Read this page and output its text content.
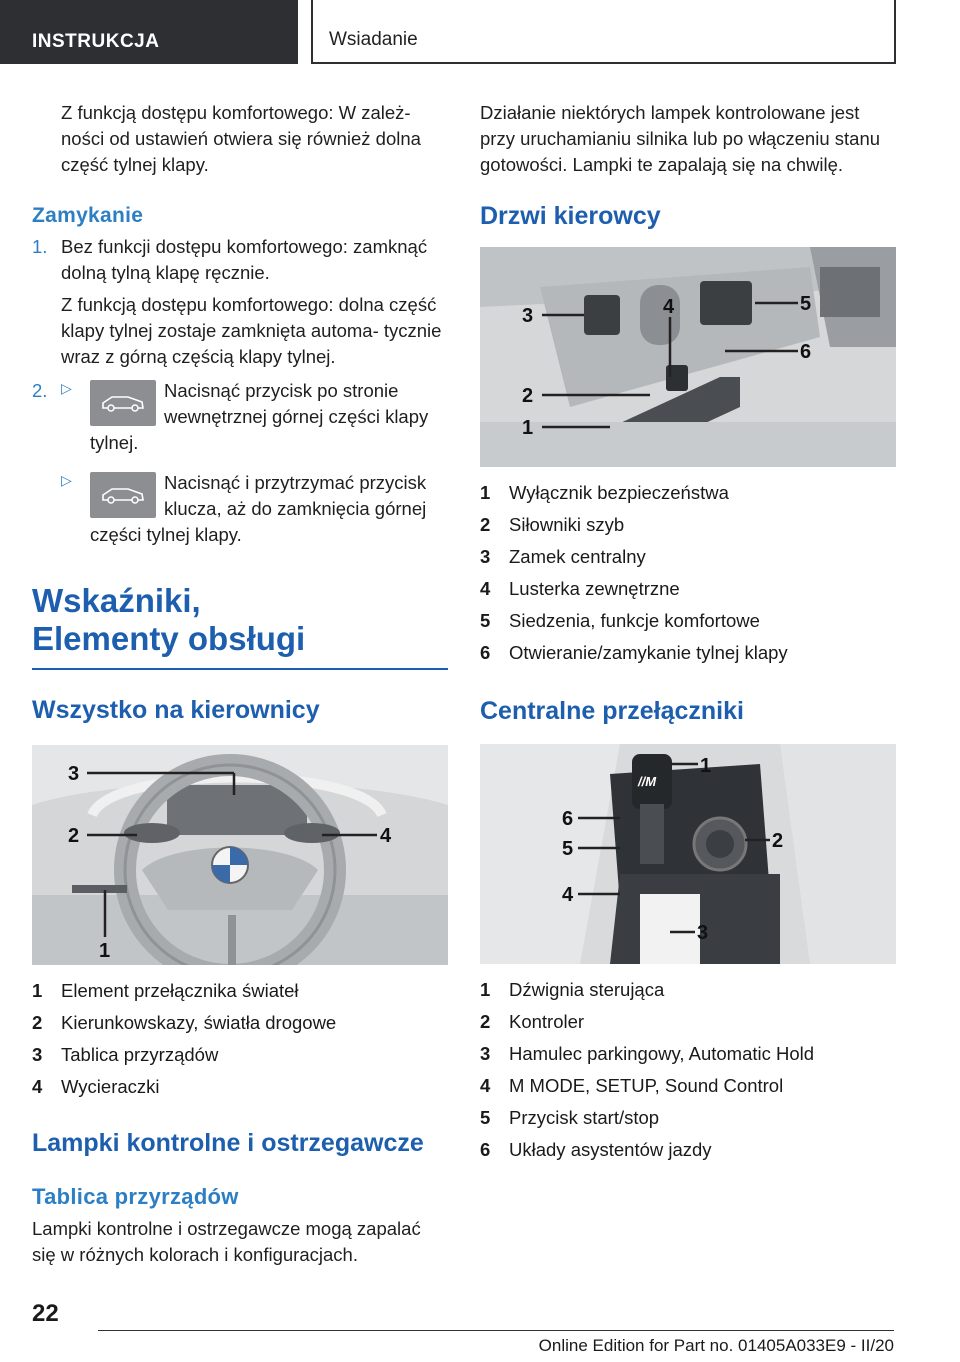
INSTRUKCJA	Wsiadanie

Z funkcją dostępu komfortowego: W zależ- ności od ustawień otwiera się również dolna część tylnej klapy.

Zamykanie
1. Bez funkcji dostępu komfortowego: zamknąć dolną tylną klapę ręcznie.

Z funkcją dostępu komfortowego: dolna część klapy tylnej zostaje zamknięta automa- tycznie wraz z górną częścią klapy tylnej.

2. ▷	Nacisnąć przycisk po stronie wewnętrznej górnej części klapy tylnej.

▷	Nacisnąć i przytrzymać przycisk klucza, aż do zamknięcia górnej części tylnej klapy.

Wskaźniki, Elementy obsługi
Wszystko na kierownicy
3
2	4
1
1	Element przełącznika świateł
2	Kierunkowskazy, światła drogowe
3	Tablica przyrządów
4	Wycieraczki
Lampki kontrolne i ostrzegawcze
Tablica przyrządów

Lampki kontrolne i ostrzegawcze mogą zapalać się w różnych kolorach i konfiguracjach.

Działanie niektórych lampek kontrolowane jest przy uruchamianiu silnika lub po włączeniu stanu gotowości. Lampki te zapalają się na chwilę.

Drzwi kierowcy
3	4	5
6
2
1
1	Wyłącznik bezpieczeństwa
2	Siłowniki szyb
3	Zamek centralny
4	Lusterka zewnętrzne
5	Siedzenia, funkcje komfortowe
6	Otwieranie/zamykanie tylnej klapy
Centralne przełączniki
//M
1
6
5	2
4
3
1	Dźwignia sterująca
2	Kontroler
3	Hamulec parkingowy, Automatic Hold
4	M MODE, SETUP, Sound Control
5	Przycisk start/stop
6	Układy asystentów jazdy
22
Online Edition for Part no. 01405A033E9 - II/20
